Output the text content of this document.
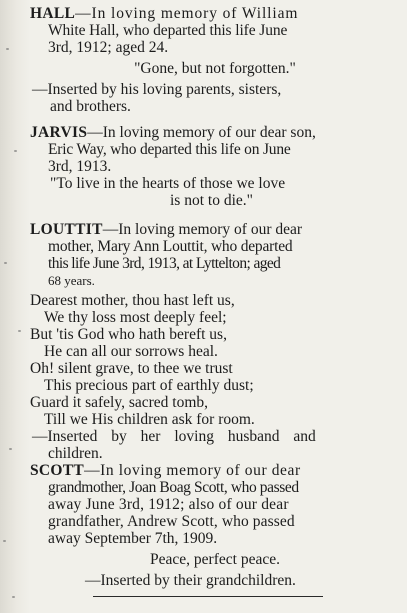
HALL—In loving memory of William
White Hall, who departed this life June
3rd, 1912; aged 24.
"Gone, but not forgotten."
—Inserted by his loving parents, sisters,
and brothers.
JARVIS—In loving memory of our dear son,
Eric Way, who departed this life on June
3rd, 1913.
"To live in the hearts of those we love
is not to die."
LOUTTIT—In loving memory of our dear
mother, Mary Ann Louttit, who departed
this life June 3rd, 1913, at Lyttelton; aged
68 years.
Dearest mother, thou hast left us,
We thy loss most deeply feel;
But 'tis God who hath bereft us,
He can all our sorrows heal.
Oh! silent grave, to thee we trust
This precious part of earthly dust;
Guard it safely, sacred tomb,
Till we His children ask for room.
—Inserted by her loving husband and
children.
SCOTT—In loving memory of our dear
grandmother, Joan Boag Scott, who passed
away June 3rd, 1912; also of our dear
grandfather, Andrew Scott, who passed
away September 7th, 1909.
Peace, perfect peace.
—Inserted by their grandchildren.
